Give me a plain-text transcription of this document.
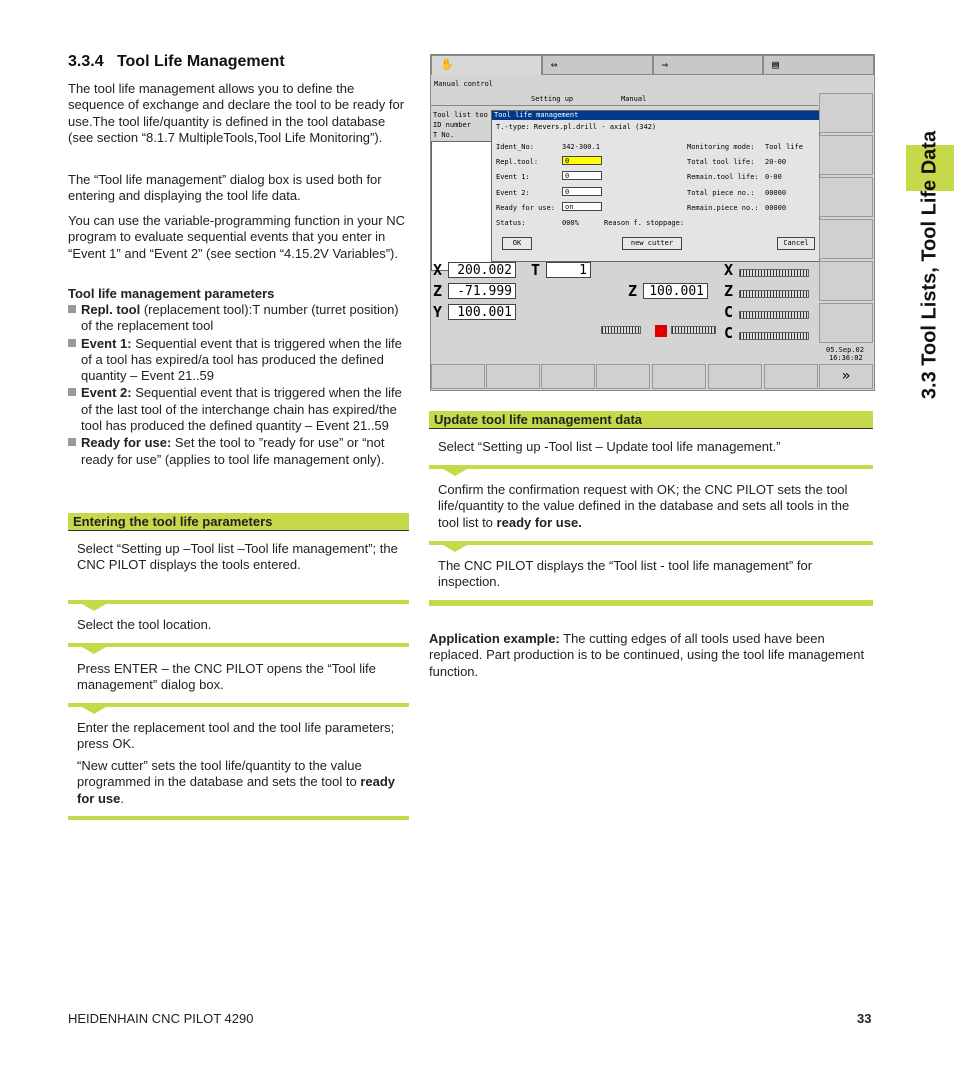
3.3.4 Tool Life Management
The tool life management allows you to define the sequence of exchange and declare the tool to be ready for use.The tool life/quantity is defined in the tool database (see section “8.1.7 MultipleTools,Tool Life Monitoring”).
The “Tool life management” dialog box is used both for entering and displaying the tool life data.
You can use the variable-programming function in your NC program to evaluate sequential events that you enter in “Event 1” and “Event 2” (see section “4.15.2V Variables”).
Tool life management parameters
Repl. tool (replacement tool):T number (turret position) of the replacement tool
Event 1: Sequential event that is triggered when the life of a tool has expired/a tool has produced the defined quantity – Event 21..59
Event 2: Sequential event that is triggered when the life of the last tool of the interchange chain has expired/the tool has produced the defined quantity – Event 21..59
Ready for use: Set the tool to ”ready for use” or “not ready for use” (applies to tool life management only).
Entering the tool life parameters
Select “Setting up –Tool list –Tool life management”; the CNC PILOT displays the tools entered.
Select the tool location.
Press ENTER – the CNC PILOT opens the “Tool life management” dialog box.
Enter the replacement tool and the tool life parameters; press OK.
“New cutter” sets the tool life/quantity to the value programmed in the database and sets the tool to ready for use.
✋	⇔	⇒	▤
Manual control
Setting up	Manual
Tool list too
ID number
T No.
Tool life management
T.-type: Revers.pl.drill - axial (342)
Ident_No:	342-300.1
Repl.tool:	0
Event 1:	0
Event 2:	0
Ready for use:	on
Status:	000%	Reason f. stoppage:
Monitoring mode: Tool life
Total tool life: 20-00
Remain.tool life: 0-00
Total piece no.: 00000
Remain.piece no.: 00000
OK	new cutter	Cancel
X	200.002 T	1
Z	-71.999	Z 100.001
Y	100.001
X
Z
C
C
05.Sep.02
16:36:02
»
Update tool life management data
Select “Setting up -Tool list – Update tool life management.”
Confirm the confirmation request with OK; the CNC PILOT sets the tool life/quantity to the value defined in the database and sets all tools in the tool list to ready for use.
The CNC PILOT displays the “Tool list - tool life management” for inspection.
Application example: The cutting edges of all tools used have been replaced. Part production is to be continued, using the tool life management function.
3.3 Tool Lists, Tool Life Data
HEIDENHAIN CNC PILOT 4290	33
